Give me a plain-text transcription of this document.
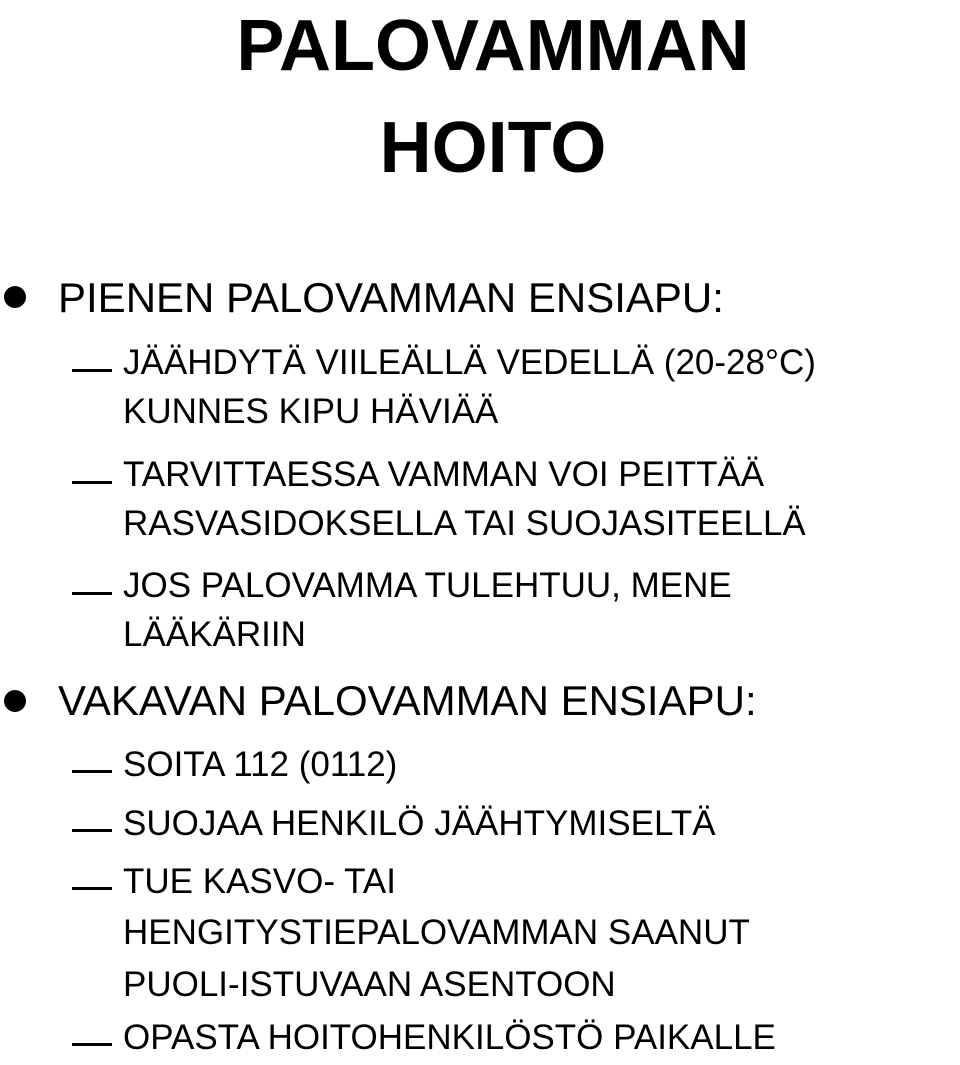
PALOVAMMAN
HOITO
PIENEN PALOVAMMAN ENSIAPU:
JÄÄHDYTÄ VIILEÄLLÄ VEDELLÄ (20-28°C)
KUNNES KIPU HÄVIÄÄ
TARVITTAESSA VAMMAN VOI PEITTÄÄ
RASVASIDOKSELLA TAI SUOJASITEELLÄ
JOS PALOVAMMA TULEHTUU, MENE
LÄÄKÄRIIN
VAKAVAN PALOVAMMAN ENSIAPU:
SOITA 112 (0112)
SUOJAA HENKILÖ JÄÄHTYMISELTÄ
TUE KASVO- TAI
HENGITYSTIEPALOVAMMAN SAANUT
PUOLI-ISTUVAAN ASENTOON
OPASTA HOITOHENKILÖSTÖ PAIKALLE
